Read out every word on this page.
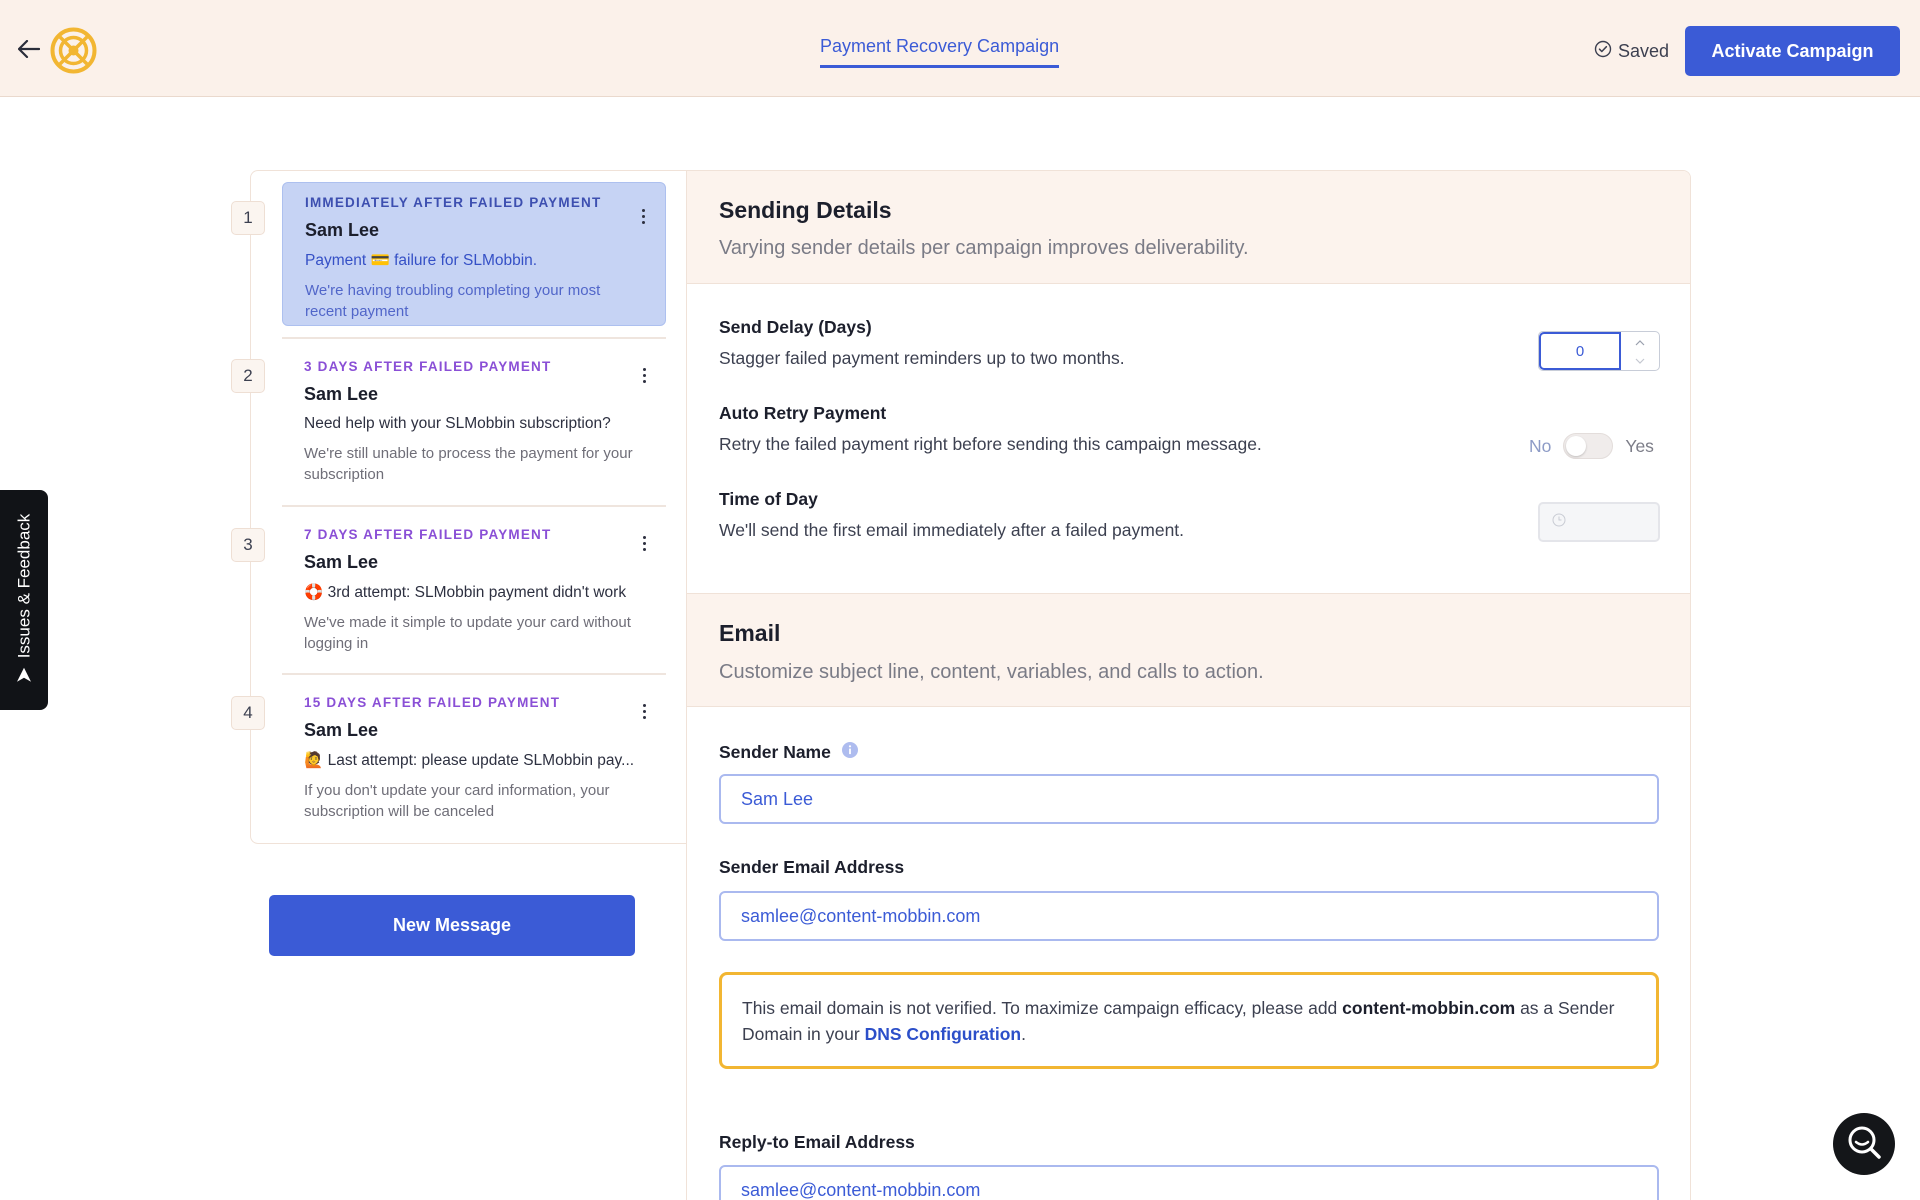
Payment Recovery Campaign	Saved	Activate Campaign
Issues & Feedback
1
IMMEDIATELY AFTER FAILED PAYMENT
Sam Lee
Payment 💳 failure for SLMobbin.
We're having troubling completing your most recent payment
2	3 DAYS AFTER FAILED PAYMENT
Sam Lee
Need help with your SLMobbin subscription?
We're still unable to process the payment for your subscription
3
7 DAYS AFTER FAILED PAYMENT
Sam Lee
🛟 3rd attempt: SLMobbin payment didn't work
We've made it simple to update your card without logging in
4
15 DAYS AFTER FAILED PAYMENT
Sam Lee
🙋 Last attempt: please update SLMobbin pay...
If you don't update your card information, your subscription will be canceled
New Message
Sending Details
Varying sender details per campaign improves deliverability.
Send Delay (Days)
Stagger failed payment reminders up to two months.	0
Auto Retry Payment
Retry the failed payment right before sending this campaign message.	No	Yes
Time of Day
We'll send the first email immediately after a failed payment.
Email
Customize subject line, content, variables, and calls to action.
Sender Name
Sam Lee
Sender Email Address
samlee@content-mobbin.com
This email domain is not verified. To maximize campaign efficacy, please add content-mobbin.com as a Sender Domain in your DNS Configuration.
Reply-to Email Address
samlee@content-mobbin.com
